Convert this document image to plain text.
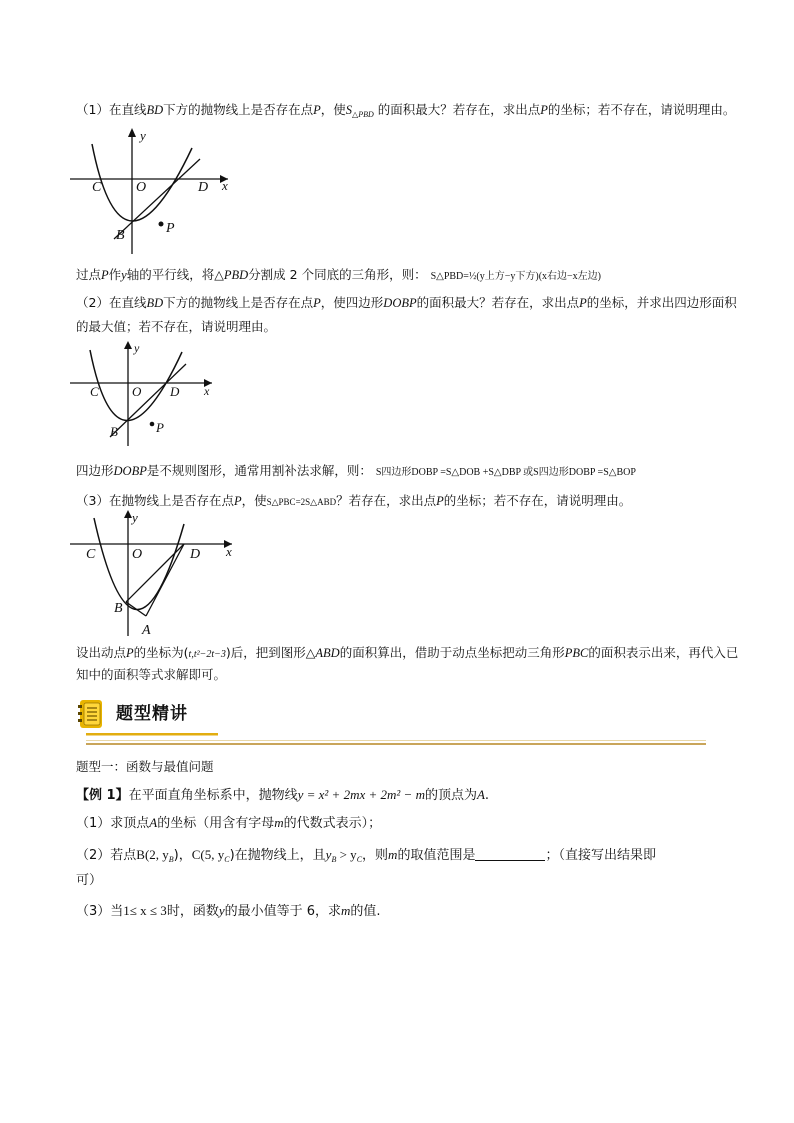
（1）在直线BD下方的抛物线上是否存在点P，使$S_{\triangle PBD}$ 的面积最大？若存在，求出点P的坐标；若不存在，请说明理由。
x
y
C O	D
B	P
过点P作y轴的平行线，将△PBD分割成 2 个同底的三角形，则： S△PBD=½(y上方−y下方)(x右边−x左边)
（2）在直线BD下方的抛物线上是否存在点P，使四边形DOBP的面积最大？若存在，求出点P的坐标，并求出四边形面积
的最大值；若不存在，请说明理由。
x
y
C	O D
B	P
四边形DOBP是不规则图形，通常用割补法求解，则： S四边形DOBP =S△DOB +S△DBP 或S四边形DOBP =S△BOP
（3）在抛物线上是否存在点P，使S△PBC=2S△ABD？若存在，求出点P的坐标；若不存在，请说明理由。
x
y
C	O	D
B
A
设出动点P的坐标为(t,t²−2t−3)后，把到图形△ABD的面积算出，借助于动点坐标把动三角形PBC的面积表示出来，再代入已
知中的面积等式求解即可。
题型精讲
题型一：函数与最值问题
【例 1】在平面直角坐标系中，抛物线y = x² + 2mx + 2m² − m的顶点为A.
（1）求顶点A的坐标（用含有字母m的代数式表示）；
（2）若点B(2, $y_B$)，C(5, $y_C$)在抛物线上，且$y_B > y_C$，则m的取值范围是	；（直接写出结果即
可）
（3）当1≤ x ≤ 3时，函数y的最小值等于 6，求m的值.
